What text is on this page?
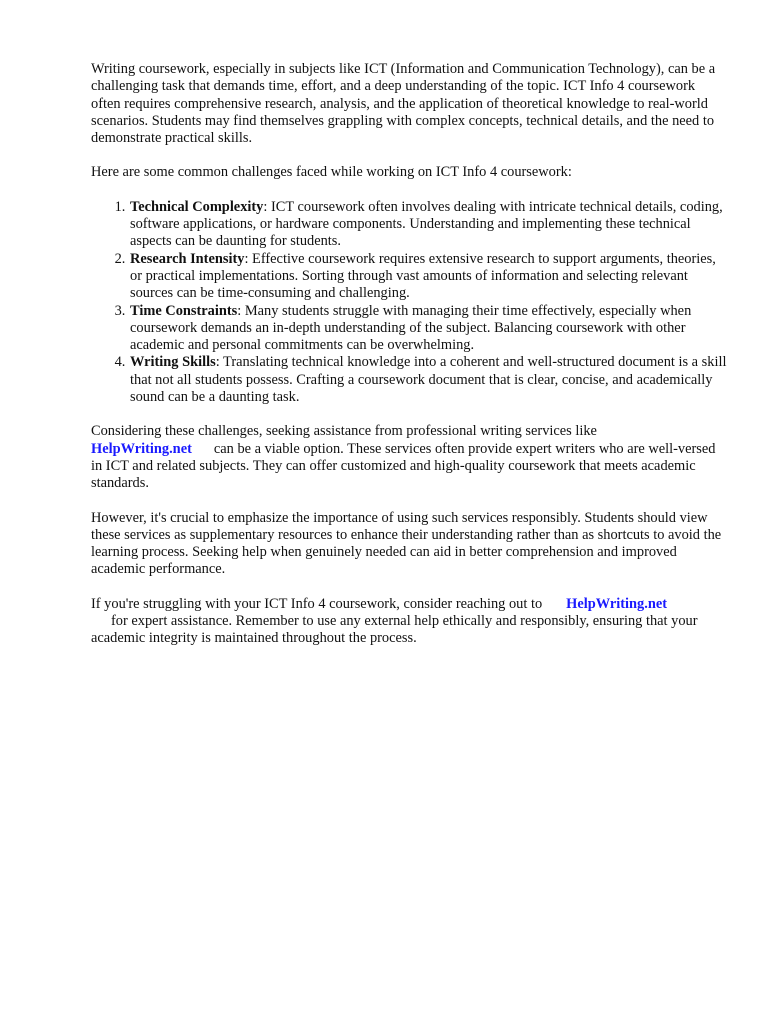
Writing coursework, especially in subjects like ICT (Information and Communication Technology), can be a challenging task that demands time, effort, and a deep understanding of the topic. ICT Info 4 coursework often requires comprehensive research, analysis, and the application of theoretical knowledge to real-world scenarios. Students may find themselves grappling with complex concepts, technical details, and the need to demonstrate practical skills.

Here are some common challenges faced while working on ICT Info 4 coursework:

1. Technical Complexity: ICT coursework often involves dealing with intricate technical details, coding, software applications, or hardware components. Understanding and implementing these technical aspects can be daunting for students.
2. Research Intensity: Effective coursework requires extensive research to support arguments, theories, or practical implementations. Sorting through vast amounts of information and selecting relevant sources can be time-consuming and challenging.
3. Time Constraints: Many students struggle with managing their time effectively, especially when coursework demands an in-depth understanding of the subject. Balancing coursework with other academic and personal commitments can be overwhelming.
4. Writing Skills: Translating technical knowledge into a coherent and well-structured document is a skill that not all students possess. Crafting a coursework document that is clear, concise, and academically sound can be a daunting task.

Considering these challenges, seeking assistance from professional writing services like
HelpWriting.net can be a viable option. These services often provide expert writers who are well-versed in ICT and related subjects. They can offer customized and high-quality coursework that meets academic standards.

However, it's crucial to emphasize the importance of using such services responsibly. Students should view these services as supplementary resources to enhance their understanding rather than as shortcuts to avoid the learning process. Seeking help when genuinely needed can aid in better comprehension and improved academic performance.

If you're struggling with your ICT Info 4 coursework, consider reaching out to HelpWriting.net
for expert assistance. Remember to use any external help ethically and responsibly, ensuring that your academic integrity is maintained throughout the process.
